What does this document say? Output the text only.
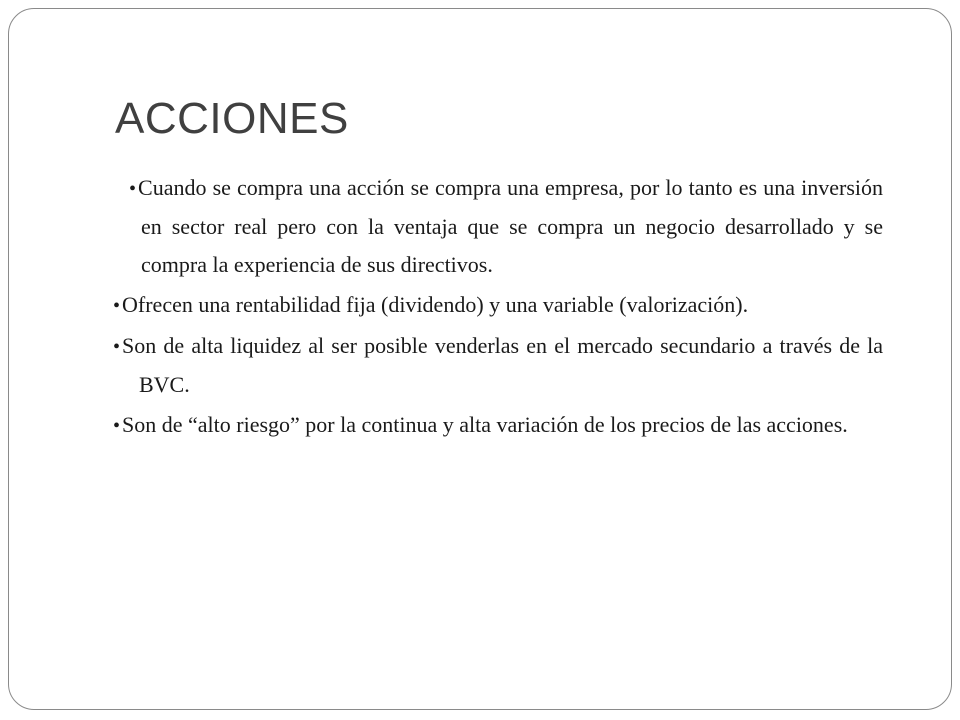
ACCIONES

•Cuando se compra una acción se compra una empresa, por lo tanto es una inversión en sector real pero con la ventaja que se compra un negocio desarrollado y se compra la experiencia de sus directivos.

•Ofrecen una rentabilidad fija (dividendo) y una variable (valorización).

•Son de alta liquidez al ser posible venderlas en el mercado secundario a través de la BVC.

•Son de “alto riesgo” por la continua y alta variación de los precios de las acciones.
